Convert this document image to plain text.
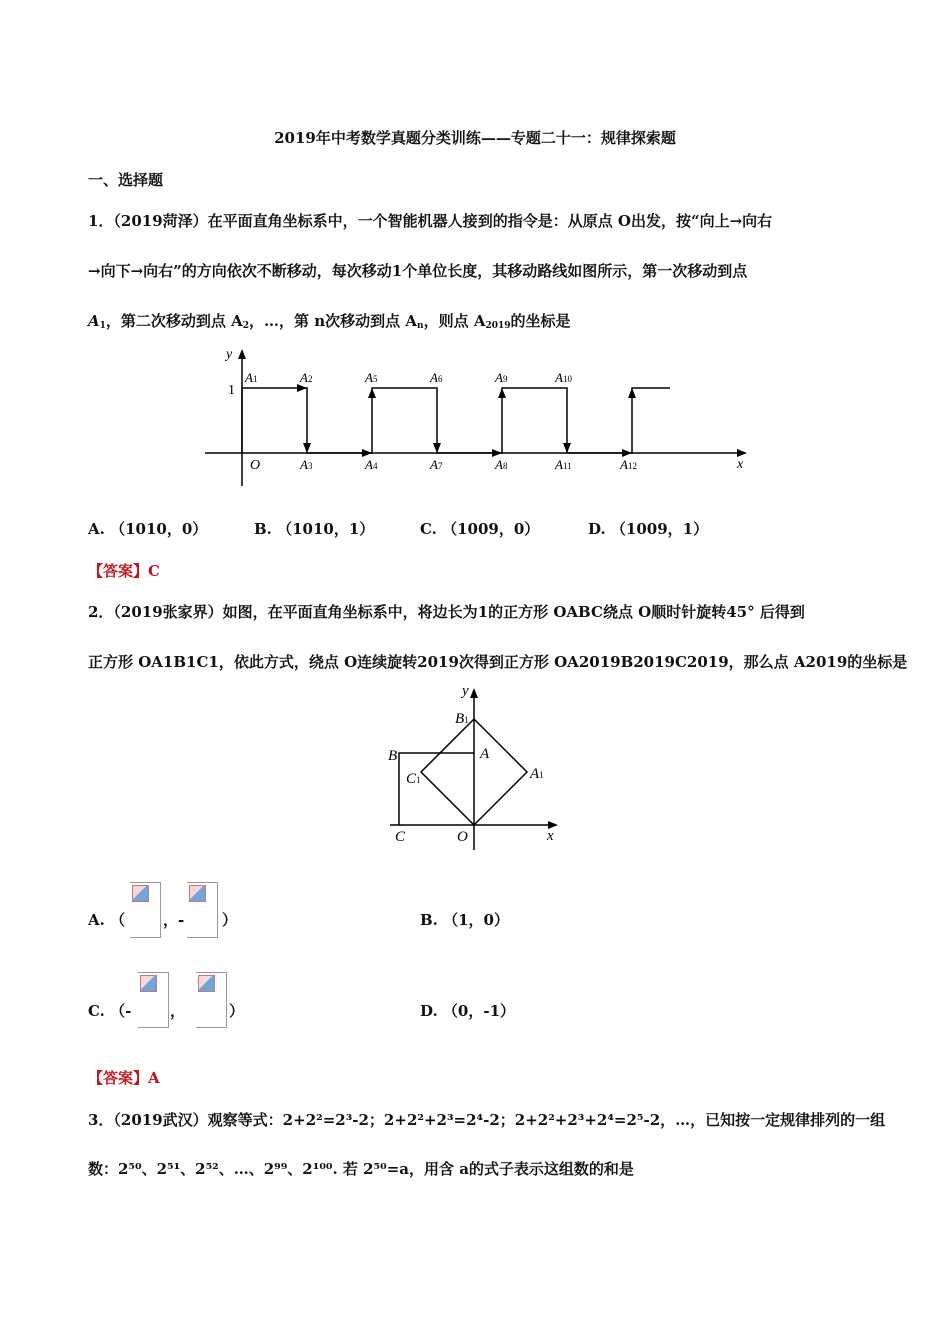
2019年中考数学真题分类训练——专题二十一：规律探索题
一、选择题
1．（2019菏泽）在平面直角坐标系中，一个智能机器人接到的指令是：从原点 O出发，按“向上→向右
→向下→向右”的方向依次不断移动，每次移动1个单位长度，其移动路线如图所示，第一次移动到点
$A_1$，第二次移动到点 $A_2$，…，第 n次移动到点 $A_n$，则点 $A_{2019}$的坐标是
y
x
O
1
A1	A2	A5	A6	A9	A10
A3	A4	A7	A8	A11	A12
A. （1010，0）	B. （1010，1）	C. （1009，0）	D. （1009，1）
【答案】C
2．（2019张家界）如图，在平面直角坐标系中，将边长为1的正方形 OABC绕点 O顺时针旋转45° 后得到
正方形 OA1B1C1，依此方式，绕点 O连续旋转2019次得到正方形 OA2019B2019C2019，那么点 A2019的坐标是
y
x
B1
A
B
C1	A1
C	O
A. （	，-	）	B. （1，0）
C. （-	，	）	D. （0，-1）
【答案】A
3．（2019武汉）观察等式：2+2²=2³-2；2+2²+2³=2⁴-2；2+2²+2³+2⁴=2⁵-2，…，已知按一定规律排列的一组
数：2⁵⁰、2⁵¹、2⁵²、…、2⁹⁹、2¹⁰⁰. 若 2⁵⁰=a，用含 a的式子表示这组数的和是
